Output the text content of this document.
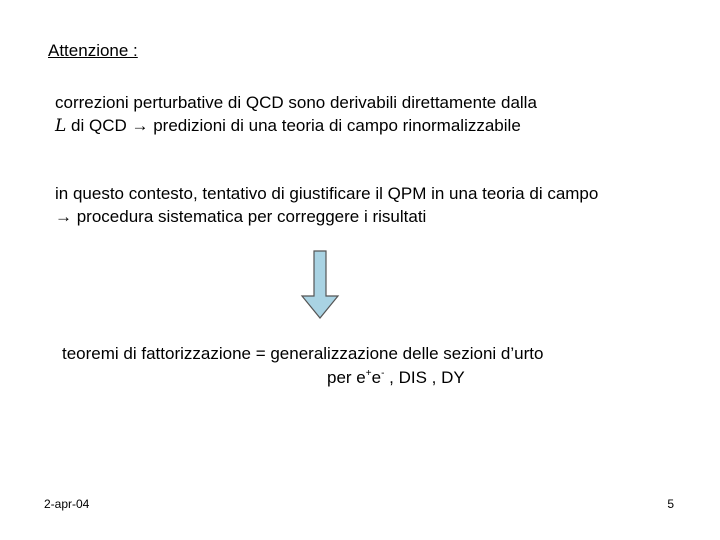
Attenzione :
correzioni perturbative di QCD sono derivabili direttamente dalla
L di QCD → predizioni di una teoria di campo rinormalizzabile
in questo contesto, tentativo di giustificare il QPM in una teoria di campo
→ procedura sistematica per correggere i risultati
teoremi di fattorizzazione = generalizzazione delle sezioni d’urto
per e+e- , DIS , DY
2-apr-04	5
